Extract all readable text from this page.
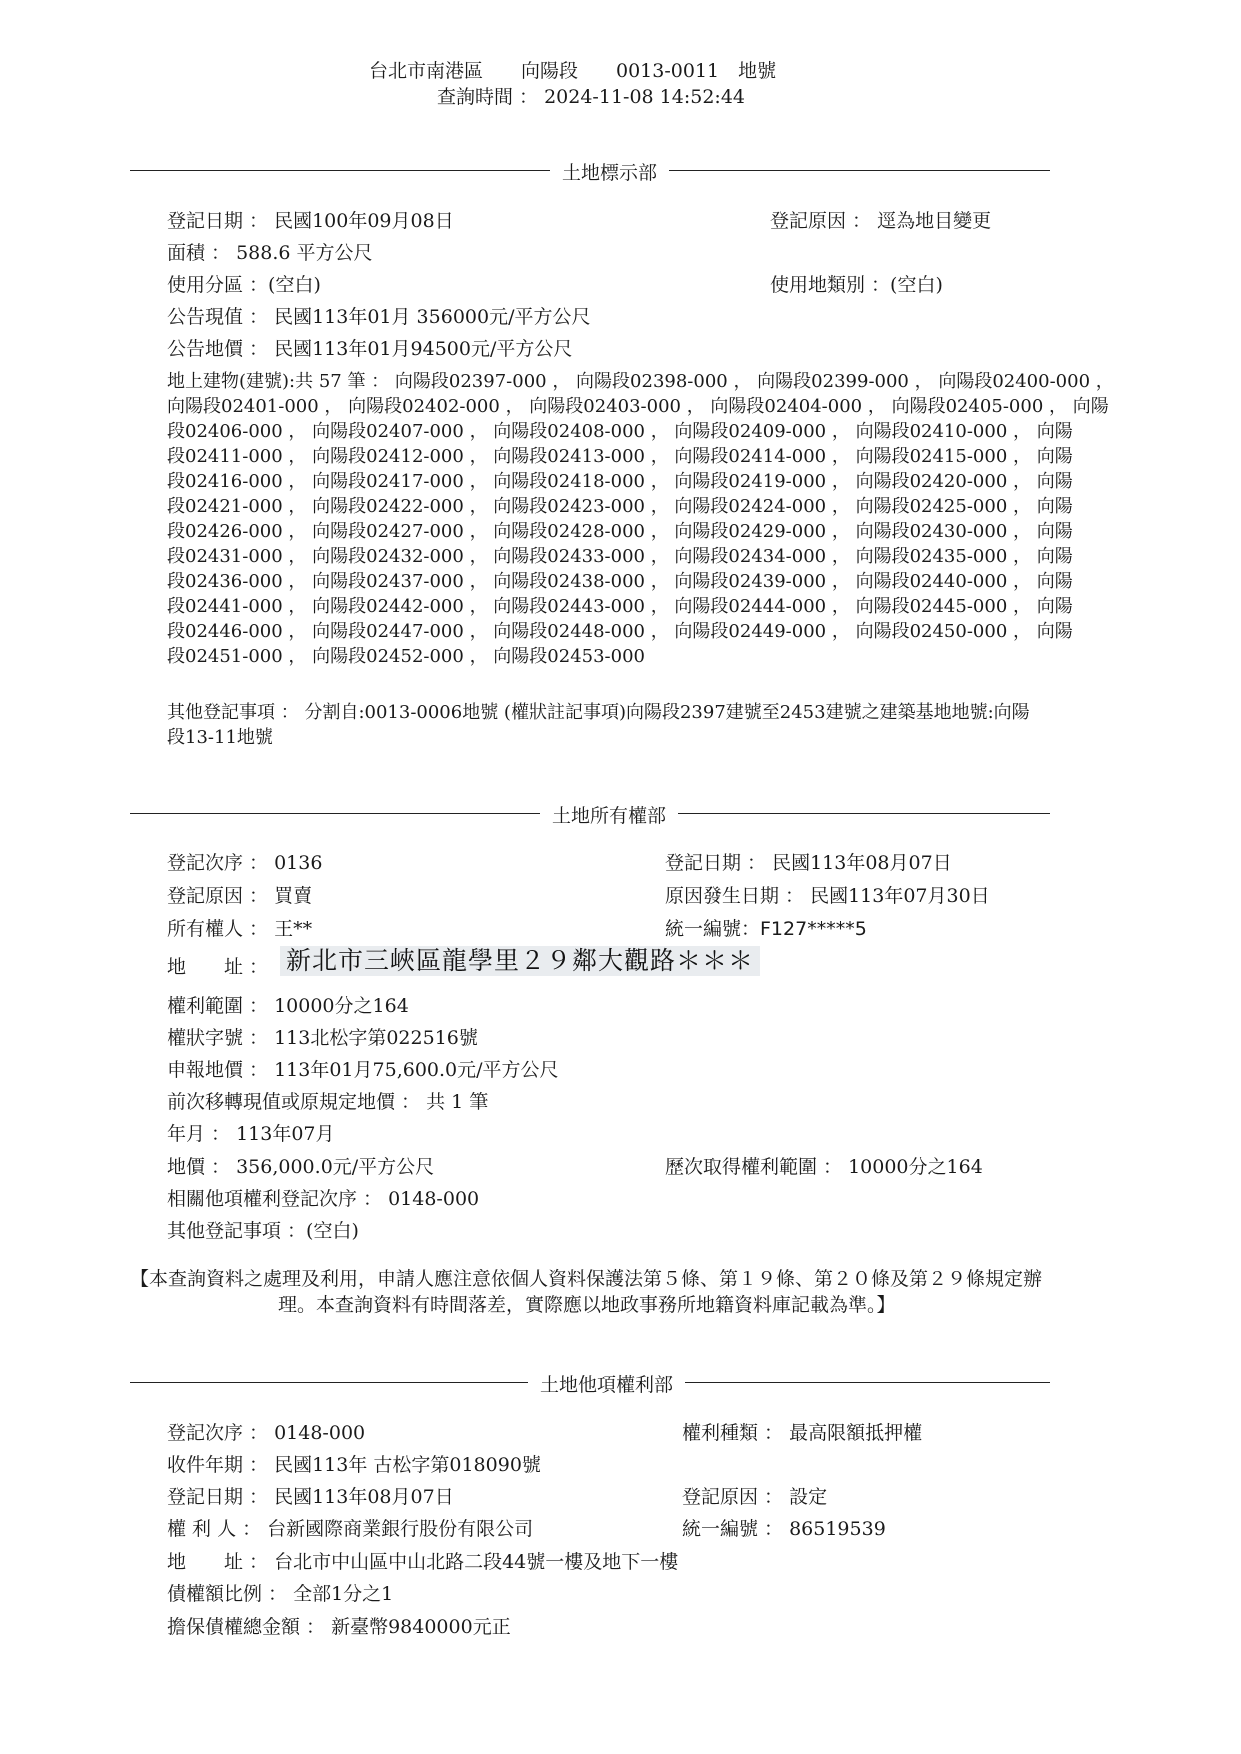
台北市南港區　　向陽段　　0013-0011　地號
查詢時間 ： 2024-11-08 14:52:44
土地標示部
登記日期 ： 民國100年09月08日	登記原因 ： 逕為地目變更
面積 ： 588.6 平方公尺
使用分區 ：(空白)	使用地類別 ：(空白)
公告現值 ： 民國113年01月 356000元/平方公尺
公告地價 ： 民國113年01月94500元/平方公尺
地上建物(建號):共 57 筆 ： 向陽段02397-000 ， 向陽段02398-000 ， 向陽段02399-000 ， 向陽段02400-000 ，
向陽段02401-000 ， 向陽段02402-000 ， 向陽段02403-000 ， 向陽段02404-000 ， 向陽段02405-000 ， 向陽
段02406-000 ， 向陽段02407-000 ， 向陽段02408-000 ， 向陽段02409-000 ， 向陽段02410-000 ， 向陽
段02411-000 ， 向陽段02412-000 ， 向陽段02413-000 ， 向陽段02414-000 ， 向陽段02415-000 ， 向陽
段02416-000 ， 向陽段02417-000 ， 向陽段02418-000 ， 向陽段02419-000 ， 向陽段02420-000 ， 向陽
段02421-000 ， 向陽段02422-000 ， 向陽段02423-000 ， 向陽段02424-000 ， 向陽段02425-000 ， 向陽
段02426-000 ， 向陽段02427-000 ， 向陽段02428-000 ， 向陽段02429-000 ， 向陽段02430-000 ， 向陽
段02431-000 ， 向陽段02432-000 ， 向陽段02433-000 ， 向陽段02434-000 ， 向陽段02435-000 ， 向陽
段02436-000 ， 向陽段02437-000 ， 向陽段02438-000 ， 向陽段02439-000 ， 向陽段02440-000 ， 向陽
段02441-000 ， 向陽段02442-000 ， 向陽段02443-000 ， 向陽段02444-000 ， 向陽段02445-000 ， 向陽
段02446-000 ， 向陽段02447-000 ， 向陽段02448-000 ， 向陽段02449-000 ， 向陽段02450-000 ， 向陽
段02451-000 ， 向陽段02452-000 ， 向陽段02453-000
其他登記事項 ： 分割自:0013-0006地號 (權狀註記事項)向陽段2397建號至2453建號之建築基地地號:向陽
段13-11地號
土地所有權部
登記次序 ： 0136	登記日期 ： 民國113年08月07日
登記原因 ： 買賣	原因發生日期 ： 民國113年07月30日
所有權人 ： 王**	統一編號：F127*****5
地　　址 ： 新北市三峽區龍學里２９鄰大觀路＊＊＊
權利範圍 ： 10000分之164
權狀字號 ： 113北松字第022516號
申報地價 ： 113年01月75,600.0元/平方公尺
前次移轉現值或原規定地價 ： 共 1 筆
年月 ： 113年07月
地價 ： 356,000.0元/平方公尺	歷次取得權利範圍 ： 10000分之164
相關他項權利登記次序 ： 0148-000
其他登記事項 ：(空白)
【本查詢資料之處理及利用，申請人應注意依個人資料保護法第５條、第１９條、第２０條及第２９條規定辦
理。本查詢資料有時間落差，實際應以地政事務所地籍資料庫記載為準。】
土地他項權利部
登記次序 ： 0148-000	權利種類 ： 最高限額抵押權
收件年期 ： 民國113年 古松字第018090號
登記日期 ： 民國113年08月07日	登記原因 ： 設定
權 利 人 ： 台新國際商業銀行股份有限公司	統一編號 ： 86519539
地　　址 ： 台北市中山區中山北路二段44號一樓及地下一樓
債權額比例 ： 全部1分之1
擔保債權總金額 ： 新臺幣9840000元正
